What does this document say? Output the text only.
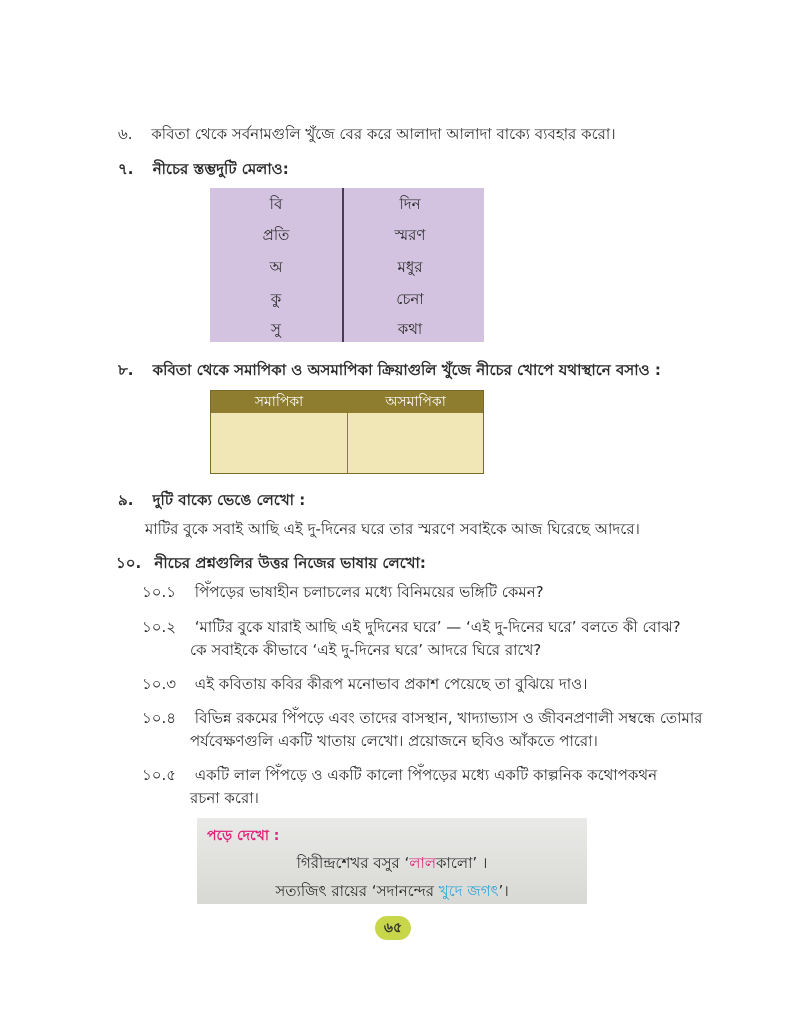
৬. কবিতা থেকে সর্বনামগুলি খুঁজে বের করে আলাদা আলাদা বাক্যে ব্যবহার করো।
৭. নীচের স্তম্ভদুটি মেলাও:
বি
প্রতি
অ
কু
সু
দিন
স্মরণ
মধুর
চেনা
কথা
৮. কবিতা থেকে সমাপিকা ও অসমাপিকা ক্রিয়াগুলি খুঁজে নীচের খোপে যথাস্থানে বসাও :
সমাপিকা	অসমাপিকা
৯. দুটি বাক্যে ভেঙে লেখো :
মাটির বুকে সবাই আছি এই দু-দিনের ঘরে তার স্মরণে সবাইকে আজ ঘিরেছে আদরে।
১০. নীচের প্রশ্নগুলির উত্তর নিজের ভাষায় লেখো:
১০.১ পিঁপড়ের ভাষাহীন চলাচলের মধ্যে বিনিময়ের ভঙ্গিটি কেমন?
১০.২ ‘মাটির বুকে যারাই আছি এই দুদিনের ঘরে’ — ‘এই দু-দিনের ঘরে’ বলতে কী বোঝ?
কে সবাইকে কীভাবে ‘এই দু-দিনের ঘরে’ আদরে ঘিরে রাখে?
১০.৩ এই কবিতায় কবির কীরূপ মনোভাব প্রকাশ পেয়েছে তা বুঝিয়ে দাও।
১০.৪ বিভিন্ন রকমের পিঁপড়ে এবং তাদের বাসস্থান, খাদ্যাভ্যাস ও জীবনপ্রণালী সম্বন্ধে তোমার
পর্যবেক্ষণগুলি একটি খাতায় লেখো। প্রয়োজনে ছবিও আঁকতে পারো।
১০.৫ একটি লাল পিঁপড়ে ও একটি কালো পিঁপড়ের মধ্যে একটি কাল্পনিক কথোপকথন
রচনা করো।
পড়ে দেখো :
গিরীন্দ্রশেখর বসুর ‘লালকালো’ ।
সত্যজিৎ রায়ের ‘সদানন্দের খুদে জগৎ’।
৬৫
